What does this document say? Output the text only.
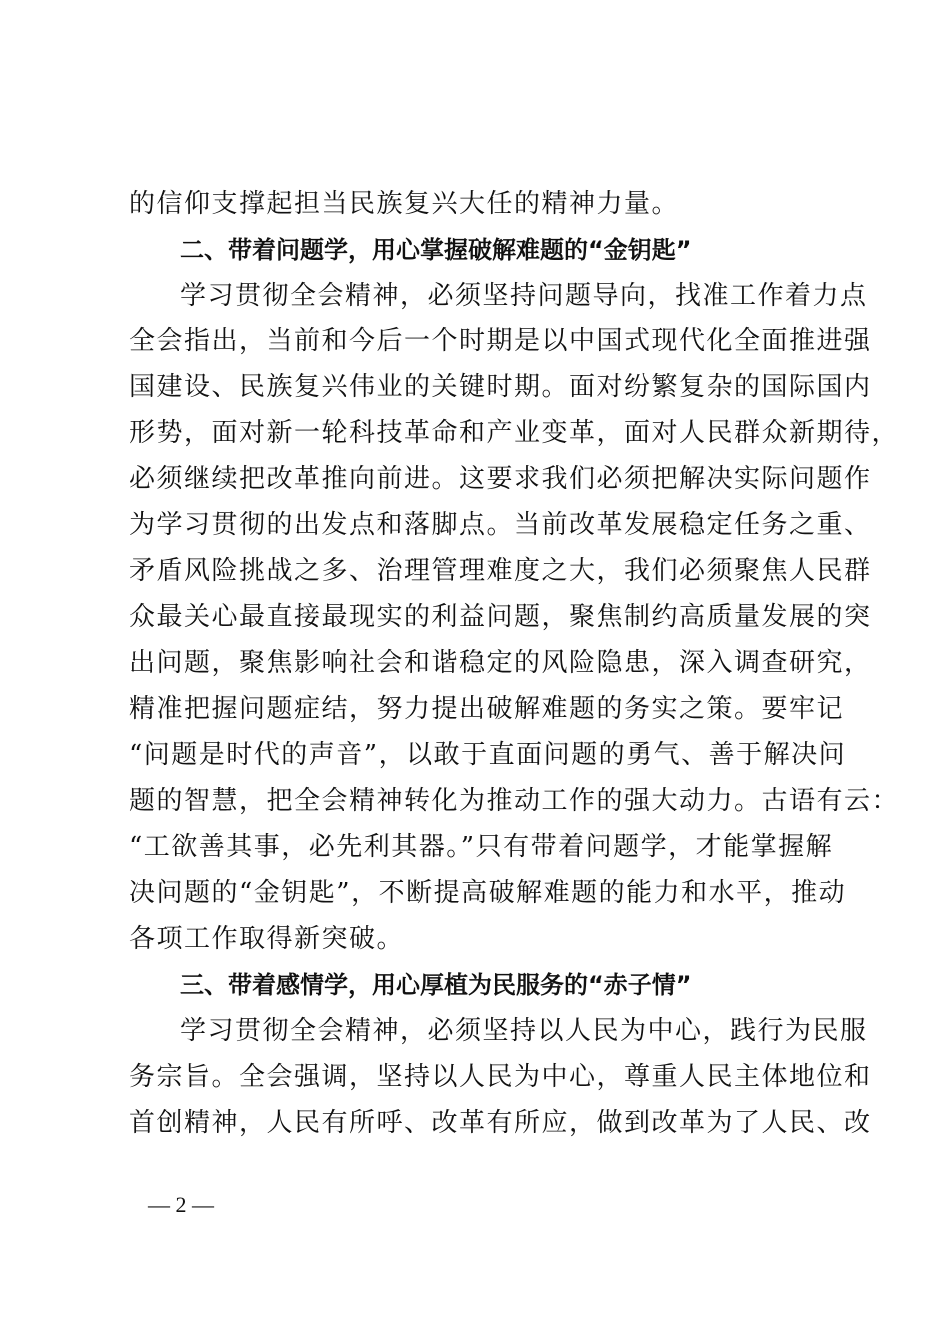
的信仰支撑起担当民族复兴大任的精神力量。
二、带着问题学，用心掌握破解难题的“金钥匙”
学习贯彻全会精神，必须坚持问题导向，找准工作着力点
全会指出，当前和今后一个时期是以中国式现代化全面推进强
国建设、民族复兴伟业的关键时期。面对纷繁复杂的国际国内
形势，面对新一轮科技革命和产业变革，面对人民群众新期待，
必须继续把改革推向前进。这要求我们必须把解决实际问题作
为学习贯彻的出发点和落脚点。当前改革发展稳定任务之重、
矛盾风险挑战之多、治理管理难度之大，我们必须聚焦人民群
众最关心最直接最现实的利益问题，聚焦制约高质量发展的突
出问题，聚焦影响社会和谐稳定的风险隐患，深入调查研究，
精准把握问题症结，努力提出破解难题的务实之策。要牢记
“问题是时代的声音”，以敢于直面问题的勇气、善于解决问
题的智慧，把全会精神转化为推动工作的强大动力。古语有云：
“工欲善其事，必先利其器。”只有带着问题学，才能掌握解
决问题的“金钥匙”，不断提高破解难题的能力和水平，推动
各项工作取得新突破。
三、带着感情学，用心厚植为民服务的“赤子情”
学习贯彻全会精神，必须坚持以人民为中心，践行为民服
务宗旨。全会强调，坚持以人民为中心，尊重人民主体地位和
首创精神，人民有所呼、改革有所应，做到改革为了人民、改
— 2 —
